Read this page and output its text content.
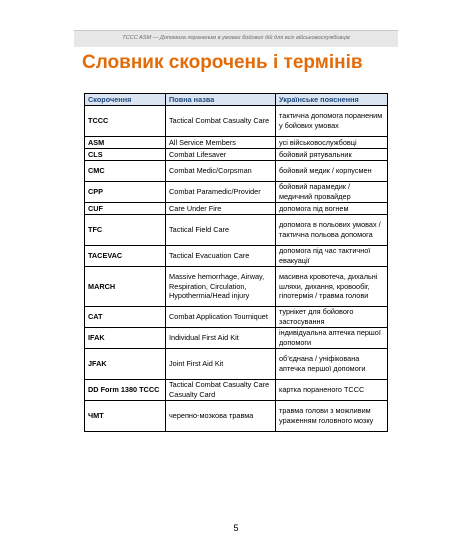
TCCC ASM — Допомога пораненим в умовах бойових дій для всіх військовослужбовців
Словник скорочень і термінів
Скорочення	Повна назва	Українське пояснення
TCCC	Tactical Combat Casualty Care	тактична допомога пораненим у бойових умовах
ASM	All Service Members	усі військовослужбовці
CLS	Combat Lifesaver	бойовий рятувальник
CMC	Combat Medic/Corpsman	бойовий медик / корпусмен
CPP	Combat Paramedic/Provider	бойовий парамедик / медичний провайдер
CUF	Care Under Fire	допомога під вогнем
TFC	Tactical Field Care	допомога в польових умовах / тактична польова допомога
TACEVAC	Tactical Evacuation Care	допомога під час тактичної евакуації
MARCH	Massive hemorrhage, Airway, Respiration, Circulation, Hypothermia/Head injury	масивна кровотеча, дихальні шляхи, дихання, кровообіг, гіпотермія / травма голови
CAT	Combat Application Tourniquet	турнікет для бойового застосування
IFAK	Individual First Aid Kit	індивідуальна аптечка першої допомоги
JFAK	Joint First Aid Kit	об’єднана / уніфікована аптечка першої допомоги
DD Form 1380 TCCC	Tactical Combat Casualty Care Casualty Card	картка пораненого TCCC
ЧМТ	черепно-мозкова травма	травма голови з можливим ураженням головного мозку
5
